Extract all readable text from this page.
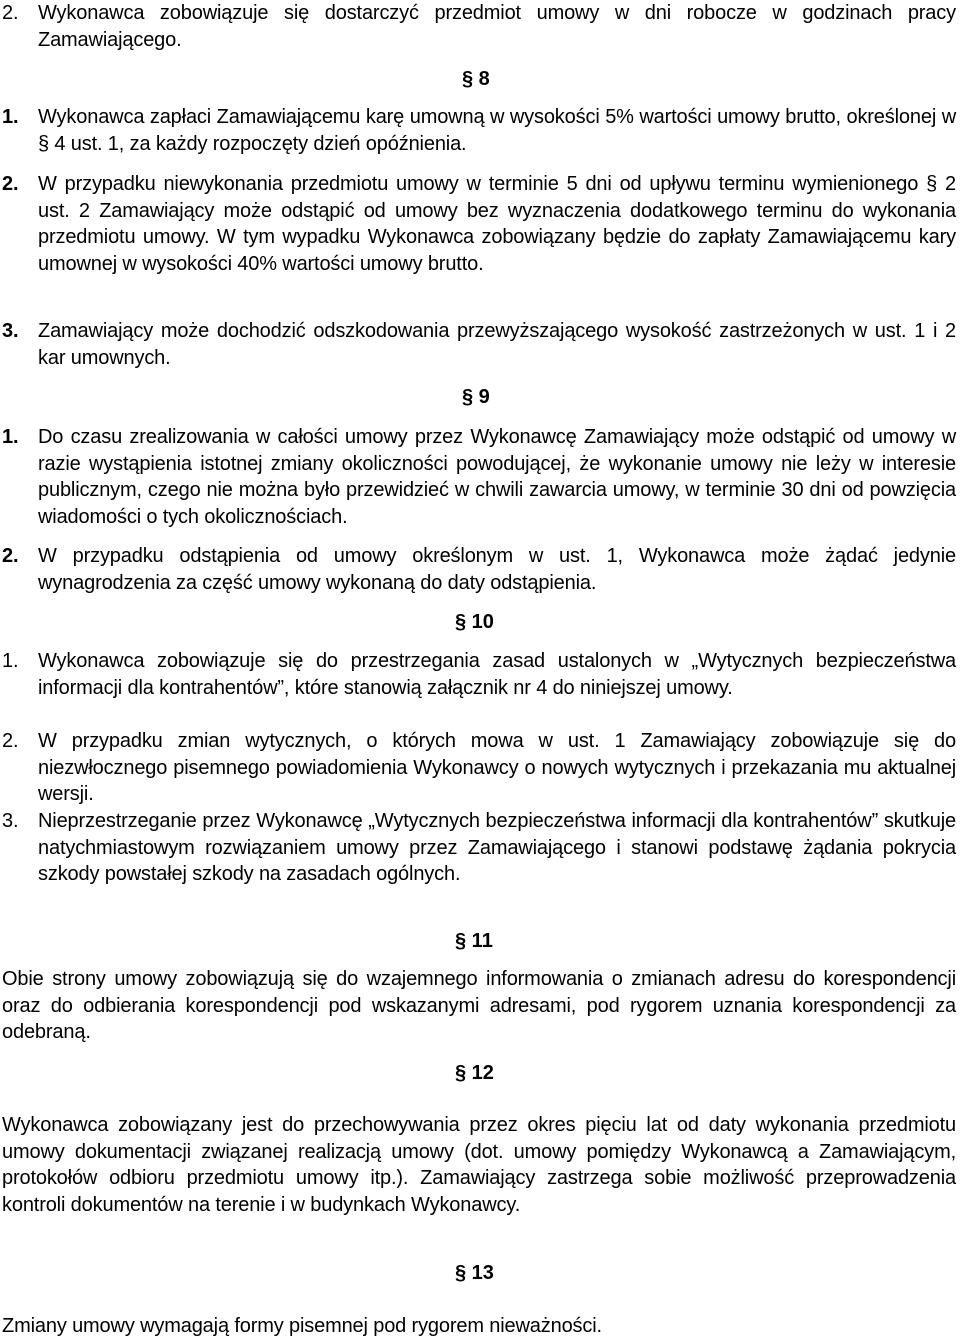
2. Wykonawca zobowiązuje się dostarczyć przedmiot umowy w dni robocze w godzinach pracy Zamawiającego.
§ 8
1. Wykonawca zapłaci Zamawiającemu karę umowną w wysokości 5% wartości umowy brutto, określonej w § 4 ust. 1, za każdy rozpoczęty dzień opóźnienia.
2. W przypadku niewykonania przedmiotu umowy w terminie 5 dni od upływu terminu wymienionego § 2 ust. 2 Zamawiający może odstąpić od umowy bez wyznaczenia dodatkowego terminu do wykonania przedmiotu umowy. W tym wypadku Wykonawca zobowiązany będzie do zapłaty Zamawiającemu kary umownej w wysokości 40% wartości umowy brutto.
3. Zamawiający może dochodzić odszkodowania przewyższającego wysokość zastrzeżonych w ust. 1 i 2 kar umownych.
§ 9
1. Do czasu zrealizowania w całości umowy przez Wykonawcę Zamawiający może odstąpić od umowy w razie wystąpienia istotnej zmiany okoliczności powodującej, że wykonanie umowy nie leży w interesie publicznym, czego nie można było przewidzieć w chwili zawarcia umowy, w terminie 30 dni od powzięcia wiadomości o tych okolicznościach.
2. W przypadku odstąpienia od umowy określonym w ust. 1, Wykonawca może żądać jedynie wynagrodzenia za część umowy wykonaną do daty odstąpienia.
§ 10
1. Wykonawca zobowiązuje się do przestrzegania zasad ustalonych w „Wytycznych bezpieczeństwa informacji dla kontrahentów”, które stanowią załącznik nr 4 do niniejszej umowy.
2. W przypadku zmian wytycznych, o których mowa w ust. 1 Zamawiający zobowiązuje się do niezwłocznego pisemnego powiadomienia Wykonawcy o nowych wytycznych i przekazania mu aktualnej wersji.
3. Nieprzestrzeganie przez Wykonawcę „Wytycznych bezpieczeństwa informacji dla kontrahentów” skutkuje natychmiastowym rozwiązaniem umowy przez Zamawiającego i stanowi podstawę żądania pokrycia szkody powstałej szkody na zasadach ogólnych.
§ 11
Obie strony umowy zobowiązują się do wzajemnego informowania o zmianach adresu do korespondencji oraz do odbierania korespondencji pod wskazanymi adresami, pod rygorem uznania korespondencji za odebraną.
§ 12
Wykonawca zobowiązany jest do przechowywania przez okres pięciu lat od daty wykonania przedmiotu umowy dokumentacji związanej realizacją umowy (dot. umowy pomiędzy Wykonawcą a Zamawiającym, protokołów odbioru przedmiotu umowy itp.). Zamawiający zastrzega sobie możliwość przeprowadzenia kontroli dokumentów na terenie i w budynkach Wykonawcy.
§ 13
Zmiany umowy wymagają formy pisemnej pod rygorem nieważności.
